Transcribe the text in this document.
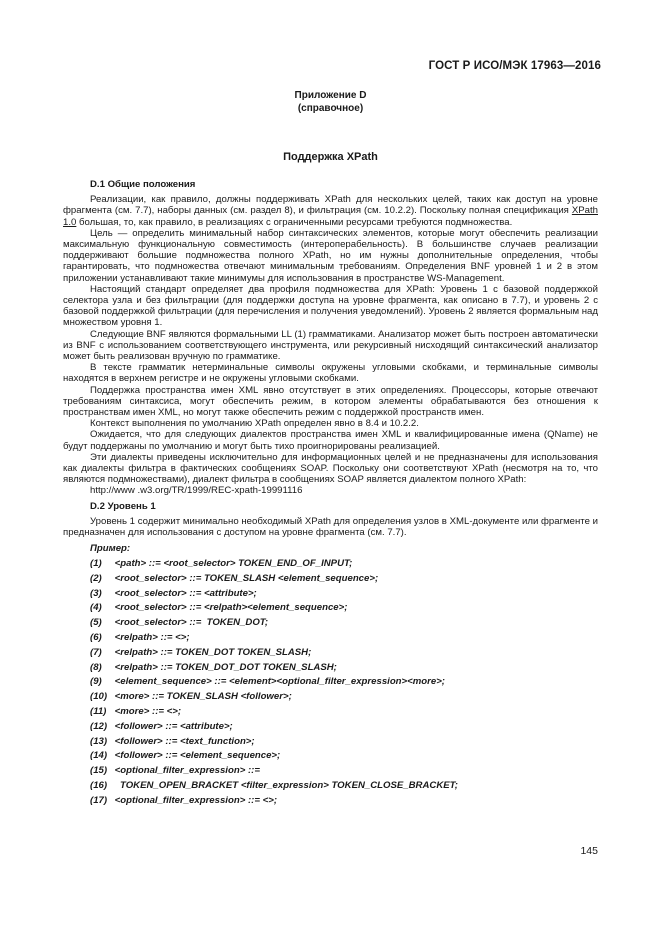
ГОСТ Р ИСО/МЭК 17963—2016
Приложение D
(справочное)
Поддержка XPath
D.1 Общие положения

Реализации, как правило, должны поддерживать XPath для нескольких целей, таких как доступ на уровне фрагмента (см. 7.7), наборы данных (см. раздел 8), и фильтрация (см. 10.2.2). Поскольку полная спецификация XPath 1.0 большая, то, как правило, в реализациях с ограниченными ресурсами требуются подмножества.

Цель — определить минимальный набор синтаксических элементов, которые могут обеспечить реализации максимальную функциональную совместимость (интероперабельность). В большинстве случаев реализации поддерживают большие подмножества полного XPath, но им нужны дополнительные определения, чтобы гарантировать, что подмножества отвечают минимальным требованиям. Определения BNF уровней 1 и 2 в этом приложении устанавливают такие минимумы для использования в пространстве WS-Management.

Настоящий стандарт определяет два профиля подмножества для XPath: Уровень 1 с базовой поддержкой селектора узла и без фильтрации (для поддержки доступа на уровне фрагмента, как описано в 7.7), и уровень 2 с базовой поддержкой фильтрации (для перечисления и получения уведомлений). Уровень 2 является формальным над множеством уровня 1.

Следующие BNF являются формальными LL (1) грамматиками. Анализатор может быть построен автоматически из BNF с использованием соответствующего инструмента, или рекурсивный нисходящий синтаксический анализатор может быть реализован вручную по грамматике.

В тексте грамматик нетерминальные символы окружены угловыми скобками, и терминальные символы находятся в верхнем регистре и не окружены угловыми скобками.

Поддержка пространства имен XML явно отсутствует в этих определениях. Процессоры, которые отвечают требованиям синтаксиса, могут обеспечить режим, в котором элементы обрабатываются без отношения к пространствам имен XML, но могут также обеспечить режим с поддержкой пространств имен.

Контекст выполнения по умолчанию XPath определен явно в 8.4 и 10.2.2.

Ожидается, что для следующих диалектов пространства имен XML и квалифицированные имена (QName) не будут поддержаны по умолчанию и могут быть тихо проигнорированы реализацией.

Эти диалекты приведены исключительно для информационных целей и не предназначены для использования как диалекты фильтра в фактических сообщениях SOAP. Поскольку они соответствуют XPath (несмотря на то, что являются подмножествами), диалект фильтра в сообщениях SOAP является диалектом полного XPath:

http://www .w3.org/TR/1999/REC-xpath-19991116

D.2 Уровень 1

Уровень 1 содержит минимально необходимый XPath для определения узлов в XML-документе или фрагменте и предназначен для использования с доступом на уровне фрагмента (см. 7.7).

Пример:
(1) <path> ::= <root_selector> TOKEN_END_OF_INPUT;
(2) <root_selector> ::= TOKEN_SLASH <element_sequence>;
(3) <root_selector> ::= <attribute>;
(4) <root_selector> ::= <relpath><element_sequence>;
(5) <root_selector> ::=  TOKEN_DOT;
(6) <relpath> ::= <>;
(7) <relpath> ::= TOKEN_DOT TOKEN_SLASH;
(8) <relpath> ::= TOKEN_DOT_DOT TOKEN_SLASH;
(9) <element_sequence> ::= <element><optional_filter_expression><more>;
(10) <more> ::= TOKEN_SLASH <follower>;
(11) <more> ::= <>;
(12) <follower> ::= <attribute>;
(13) <follower> ::= <text_function>;
(14) <follower> ::= <element_sequence>;
(15) <optional_filter_expression> ::=
(16)   TOKEN_OPEN_BRACKET <filter_expression> TOKEN_CLOSE_BRACKET;
(17) <optional_filter_expression> ::= <>;
145
